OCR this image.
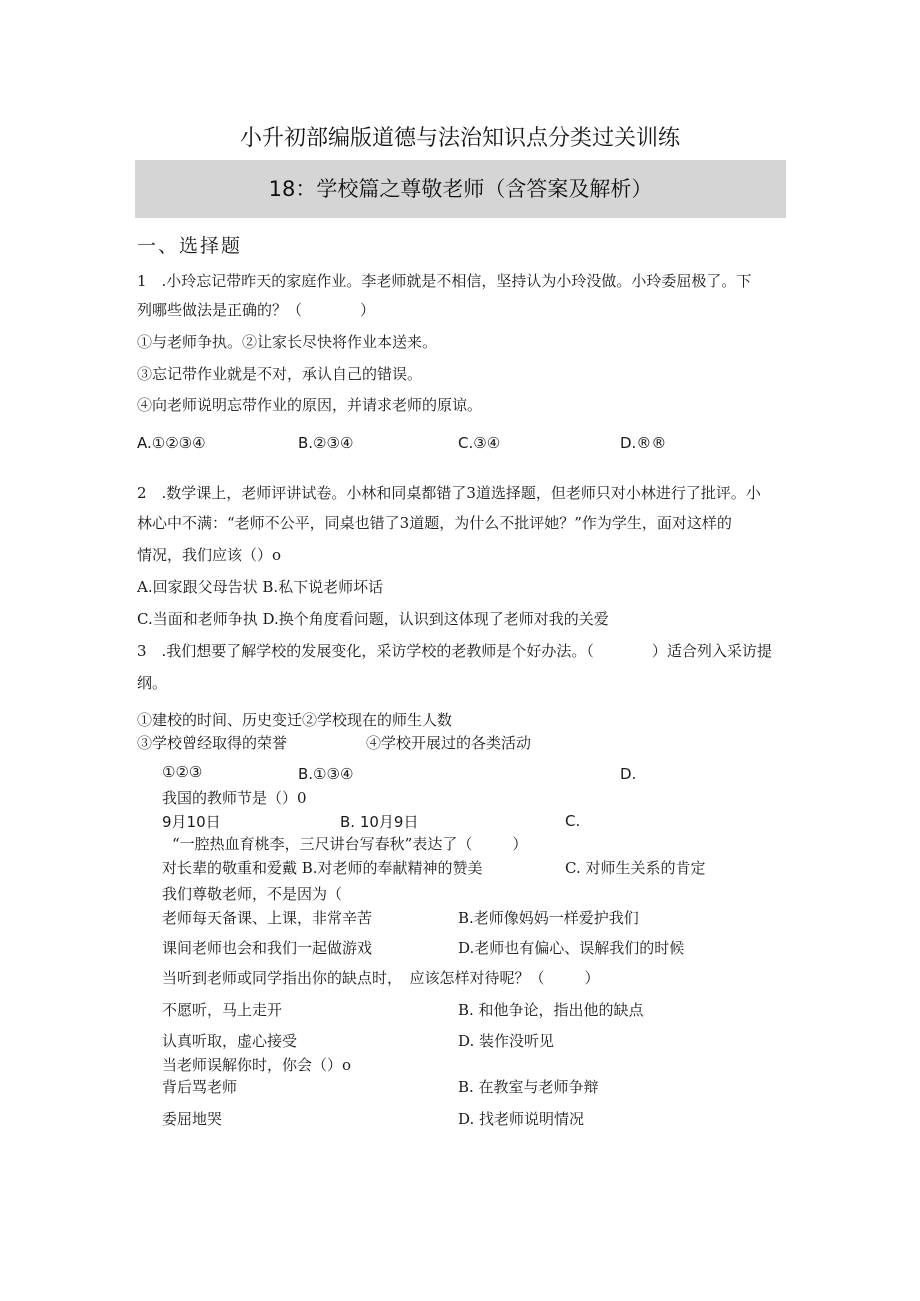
小升初部编版道德与法治知识点分类过关训练
18：学校篇之尊敬老师（含答案及解析）
一、选择题
1　.小玲忘记带昨天的家庭作业。李老师就是不相信，坚持认为小玲没做。小玲委屈极了。下
列哪些做法是正确的？（	）
①与老师争执。②让家长尽快将作业本送来。
③忘记带作业就是不对，承认自己的错误。
④向老师说明忘带作业的原因，并请求老师的原谅。
A.①②③④	B.②③④	C.③④	D.®®
2　.数学课上，老师评讲试卷。小林和同桌都错了3道选择题，但老师只对小林进行了批评。小
林心中不满：“老师不公平，同桌也错了3道题，为什么不批评她？”作为学生，面对这样的
情况，我们应该（）o
A.回家跟父母告状 B.私下说老师坏话
C.当面和老师争执 D.换个角度看问题，认识到这体现了老师对我的关爱
3　.我们想要了解学校的发展变化，采访学校的老教师是个好办法。（	）适合列入采访提
纲。
①建校的时间、历史变迁②学校现在的师生人数
③学校曾经取得的荣誉	④学校开展过的各类活动
①②③	B.①③④	D.
我国的教师节是（）0
9月10日	B. 10月9日	C.
“一腔热血育桃李，三尺讲台写春秋”表达了（	）
对长辈的敬重和爱戴 B.对老师的奉献精神的赞美	C. 对师生关系的肯定
我们尊敬老师，不是因为（
老师每天备课、上课，非常辛苦	B.老师像妈妈一样爱护我们
课间老师也会和我们一起做游戏	D.老师也有偏心、误解我们的时候
当听到老师或同学指出你的缺点时，　应该怎样对待呢？（	）
不愿听，马上走开	B. 和他争论，指出他的缺点
认真听取，虚心接受	D. 装作没听见
当老师误解你时，你会（）o
背后骂老师	B. 在教室与老师争辩
委屈地哭	D. 找老师说明情况
